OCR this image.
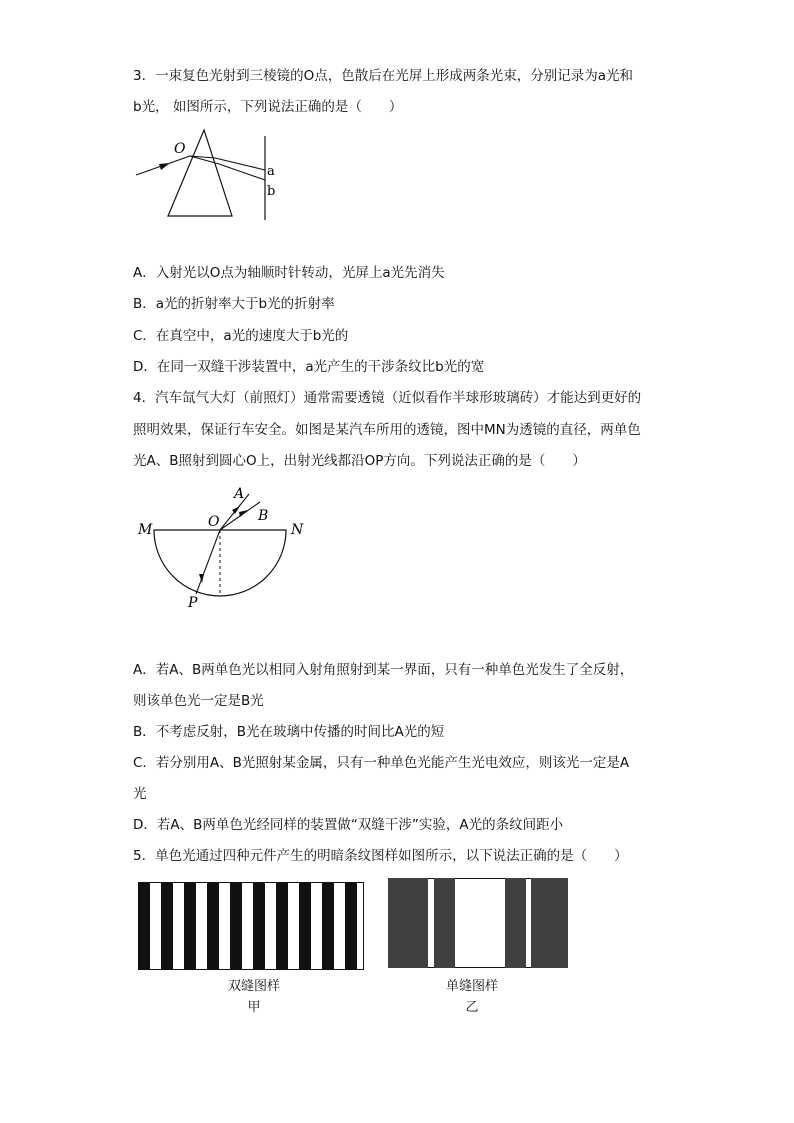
3．一束复色光射到三棱镜的O点，色散后在光屏上形成两条光束，分别记录为a光和
b光， 如图所示，下列说法正确的是（　　）
O
a
b
A．入射光以O点为轴顺时针转动，光屏上a光先消失
B．a光的折射率大于b光的折射率
C．在真空中，a光的速度大于b光的
D．在同一双缝干涉装置中，a光产生的干涉条纹比b光的宽
4．汽车氙气大灯（前照灯）通常需要透镜（近似看作半球形玻璃砖）才能达到更好的
照明效果，保证行车安全。如图是某汽车所用的透镜，图中MN为透镜的直径，两单色
光A、B照射到圆心O上，出射光线都沿OP方向。下列说法正确的是（　　）
A
B
M	N
O
P
A．若A、B两单色光以相同入射角照射到某一界面，只有一种单色光发生了全反射，
则该单色光一定是B光
B．不考虑反射，B光在玻璃中传播的时间比A光的短
C．若分别用A、B光照射某金属，只有一种单色光能产生光电效应，则该光一定是A
光
D．若A、B两单色光经同样的装置做“双缝干涉”实验，A光的条纹间距小
5．单色光通过四种元件产生的明暗条纹图样如图所示，以下说法正确的是（　　）
双缝图样
甲
单缝图样
乙
